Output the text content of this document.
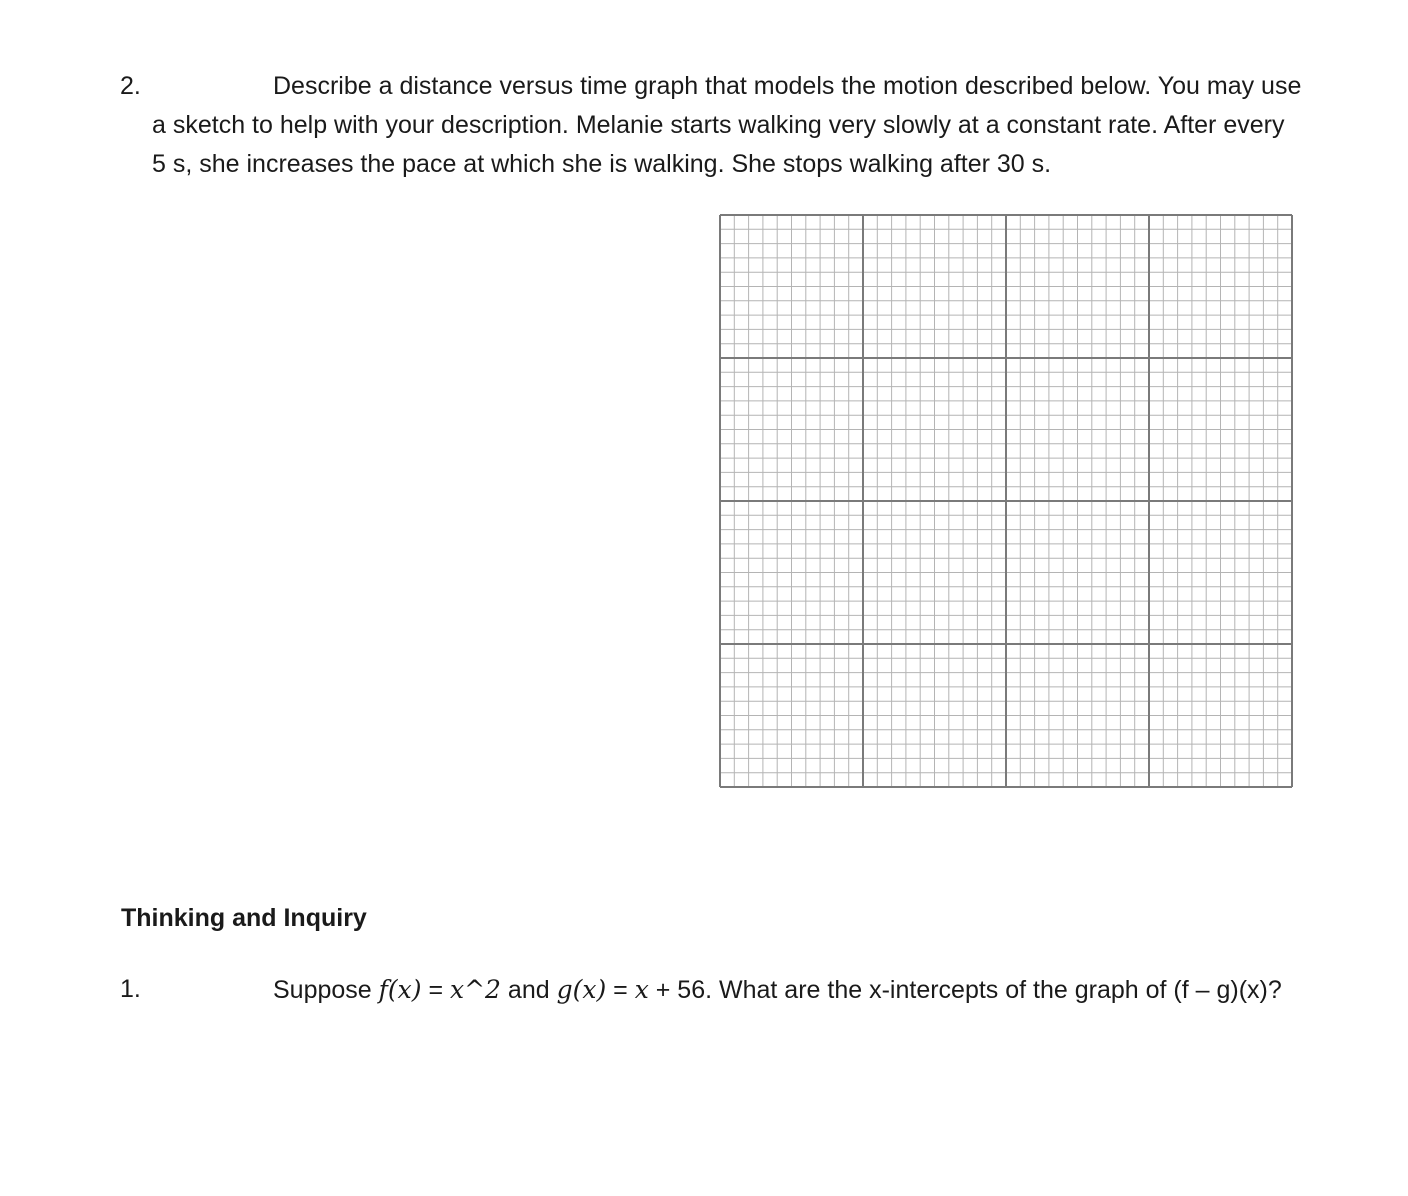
2.	Describe a distance versus time graph that models the motion described below. You may use a sketch to help with your description. Melanie starts walking very slowly at a constant rate. After every 5 s, she increases the pace at which she is walking. She stops walking after 30 s.
Thinking and Inquiry
1.	Suppose f(x) = x^2 and g(x) = x + 56. What are the x-intercepts of the graph of (f – g)(x)?
